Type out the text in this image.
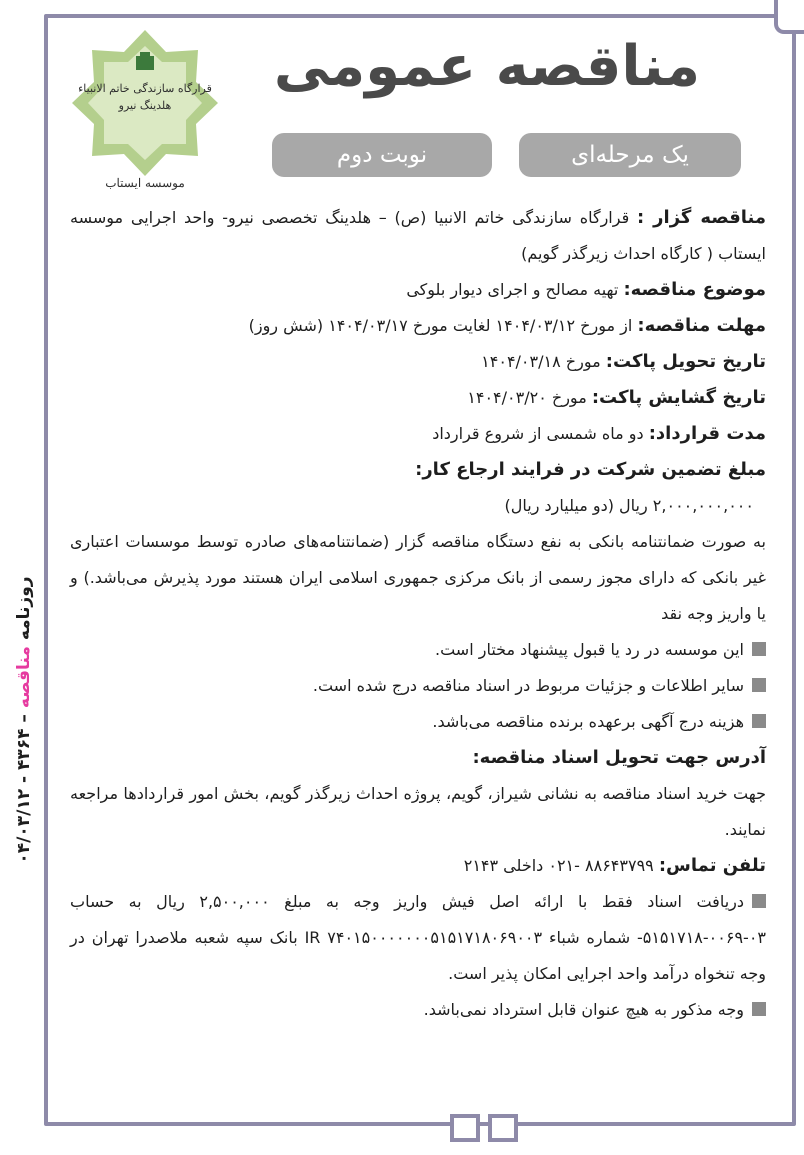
قرارگاه سازندگی خاتم الانبیاء
هلدینگ نیرو
موسسه ایستاب
مناقصه عمومی
یک مرحله‌ای
نوبت دوم

مناقصه گزار : قرارگاه سازندگی خاتم الانبیا (ص) – هلدینگ تخصصی نیرو- واحد اجرایی موسسه ایستاب ( کارگاه احداث زیرگذر گویم)

موضوع مناقصه: تهیه مصالح و اجرای دیوار بلوکی

مهلت مناقصه: از مورخ ۱۴۰۴/۰۳/۱۲ لغایت مورخ ۱۴۰۴/۰۳/۱۷ (شش روز)

تاریخ تحویل پاکت: مورخ ۱۴۰۴/۰۳/۱۸

تاریخ گشایش پاکت: مورخ ۱۴۰۴/۰۳/۲۰

مدت قرارداد: دو ماه شمسی از شروع قرارداد

مبلغ تضمین شرکت در فرایند ارجاع کار:

۲,۰۰۰,۰۰۰,۰۰۰ ریال (دو میلیارد ریال)

به صورت ضمانتنامه بانکی به نفع دستگاه مناقصه گزار (ضمانتنامه‌های صادره توسط موسسات اعتباری غیر بانکی که دارای مجوز رسمی از بانک مرکزی جمهوری اسلامی ایران هستند مورد پذیرش می‌باشد.) و یا واریز وجه نقد

این موسسه در رد یا قبول پیشنهاد مختار است.

سایر اطلاعات و جزئیات مربوط در اسناد مناقصه درج شده است.

هزینه درج آگهی برعهده برنده مناقصه می‌باشد.

آدرس جهت تحویل اسناد مناقصه:

جهت خرید اسناد مناقصه به نشانی شیراز، گویم، پروژه احداث زیرگذر گویم، بخش امور قراردادها مراجعه نمایند.

تلفن تماس: ۸۸۶۴۳۷۹۹ -۰۲۱ داخلی ۲۱۴۳

دریافت اسناد فقط با ارائه اصل فیش واریز وجه به مبلغ ۲,۵۰۰,۰۰۰ ریال به حساب ۰۳-۰۰۶۹-۵۱۵۱۷۱۸- شماره شباء IR ۷۴۰۱۵۰۰۰۰۰۰۰۵۱۵۱۷۱۸۰۶۹۰۰۳ بانک سپه شعبه ملاصدرا تهران در وجه تنخواه درآمد واحد اجرایی امکان پذیر است.

وجه مذکور به هیچ عنوان قابل استرداد نمی‌باشد.

روزنامه مناقصه – ۴۳۶۴ - ۰۴/۰۳/۱۲
